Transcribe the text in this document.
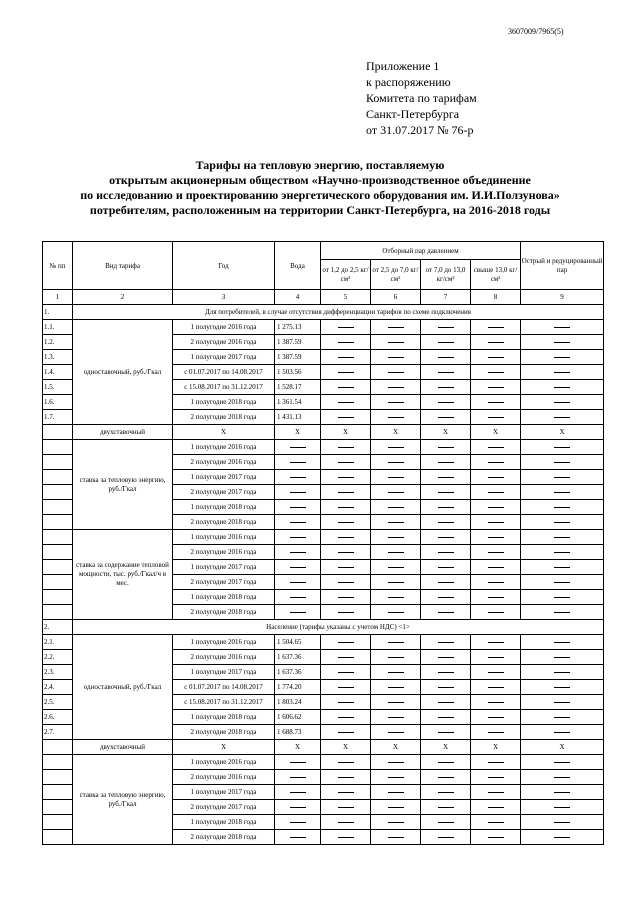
3607009/7965(5)
Приложение 1
к распоряжению
Комитета по тарифам
Санкт-Петербурга
от 31.07.2017 № 76-р
Тарифы на тепловую энергию, поставляемую
открытым акционерным обществом «Научно-производственное объединение
по исследованию и проектированию энергетического оборудования им. И.И.Ползунова»
потребителям, расположенным на территории Санкт-Петербурга, на 2016-2018 годы
№ пп	Вид тарифа	Год	Вода	Отборный пар давлением				Острый и редуцированный пар
				от 1,2 до 2,5 кг/см²	от 2,5 до 7,0 кг/см²	от 7,0 до 13,0 кг/см²	свыше 13,0 кг/см²	
1	2	3	4	5	6	7	8	9
1.	Для потребителей, в случае отсутствия дифференциации тарифов по схеме подключения							
1.1.	одноставочный, руб./Гкал	1 полугодие 2016 года	1 275.13					
1.2.		2 полугодие 2016 года	1 387.59					
1.3.		1 полугодие 2017 года	1 387.59					
1.4.		с 01.07.2017 по 14.08.2017	1 503.56					
1.5.		с 15.08.2017 по 31.12.2017	1 528.17					
1.6.		1 полугодие 2018 года	1 361.54					
1.7.		2 полугодие 2018 года	1 431.13					
	двухставочный	X	X	X	X	X	X	X
	ставка за тепловую энергию, руб./Гкал	1 полугодие 2016 года						
		2 полугодие 2016 года						
		1 полугодие 2017 года						
		2 полугодие 2017 года						
		1 полугодие 2018 года						
		2 полугодие 2018 года						
	ставка за содержание тепловой мощности, тыс. руб./Гкал/ч в мес.	1 полугодие 2016 года						
		2 полугодие 2016 года						
		1 полугодие 2017 года						
		2 полугодие 2017 года						
		1 полугодие 2018 года						
		2 полугодие 2018 года						
2.	Население (тарифы указаны с учетом НДС) <1>							
2.1.	одноставочный, руб./Гкал	1 полугодие 2016 года	1 504.65					
2.2.		2 полугодие 2016 года	1 637.36					
2.3.		1 полугодие 2017 года	1 637.36					
2.4.		с 01.07.2017 по 14.08.2017	1 774.20					
2.5.		с 15.08.2017 по 31.12.2017	1 803.24					
2.6.		1 полугодие 2018 года	1 606.62					
2.7.		2 полугодие 2018 года	1 688.73					
	двухставочный	X	X	X	X	X	X	X
	ставка за тепловую энергию, руб./Гкал	1 полугодие 2016 года						
		2 полугодие 2016 года						
		1 полугодие 2017 года						
		2 полугодие 2017 года						
		1 полугодие 2018 года						
		2 полугодие 2018 года						
